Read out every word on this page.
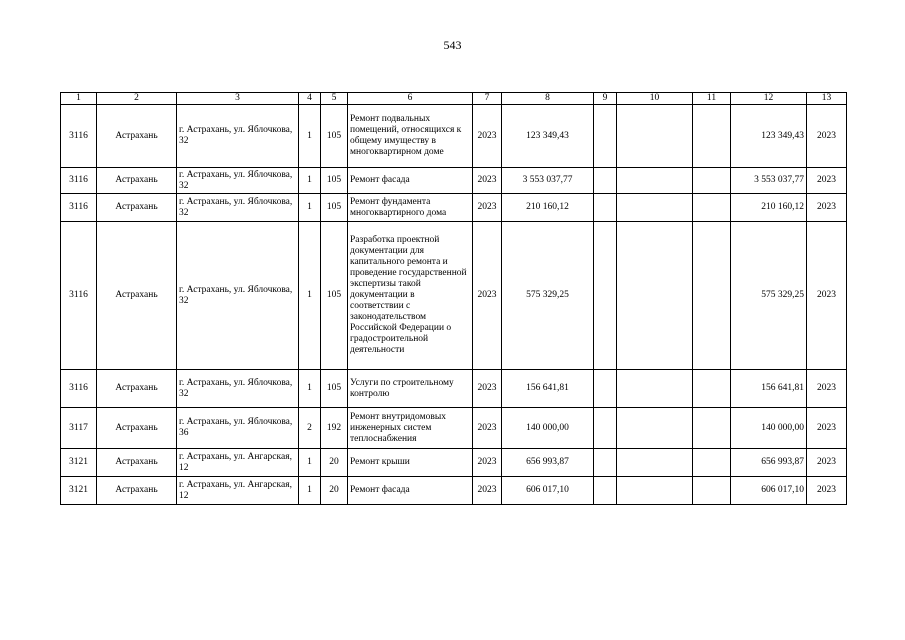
543
1	2	3	4	5	6	7	8	9	10	11	12	13
3116	Астрахань	г. Астрахань, ул. Яблочкова, 32	1	105	Ремонт подвальных помещений, относящихся к общему имуществу в многоквартирном доме	2023	123 349,43				123 349,43	2023
3116	Астрахань	г. Астрахань, ул. Яблочкова, 32	1	105	Ремонт фасада	2023	3 553 037,77				3 553 037,77	2023
3116	Астрахань	г. Астрахань, ул. Яблочкова, 32	1	105	Ремонт фундамента многоквартирного дома	2023	210 160,12				210 160,12	2023
3116	Астрахань	г. Астрахань, ул. Яблочкова, 32	1	105	Разработка проектной документации для капитального ремонта и проведение государственной экспертизы такой документации в соответствии с законодательством Российской Федерации о градостроительной деятельности	2023	575 329,25				575 329,25	2023
3116	Астрахань	г. Астрахань, ул. Яблочкова, 32	1	105	Услуги по строительному контролю	2023	156 641,81				156 641,81	2023
3117	Астрахань	г. Астрахань, ул. Яблочкова, 36	2	192	Ремонт внутридомовых инженерных систем теплоснабжения	2023	140 000,00				140 000,00	2023
3121	Астрахань	г. Астрахань, ул. Ангарская, 12	1	20	Ремонт крыши	2023	656 993,87				656 993,87	2023
3121	Астрахань	г. Астрахань, ул. Ангарская, 12	1	20	Ремонт фасада	2023	606 017,10				606 017,10	2023
